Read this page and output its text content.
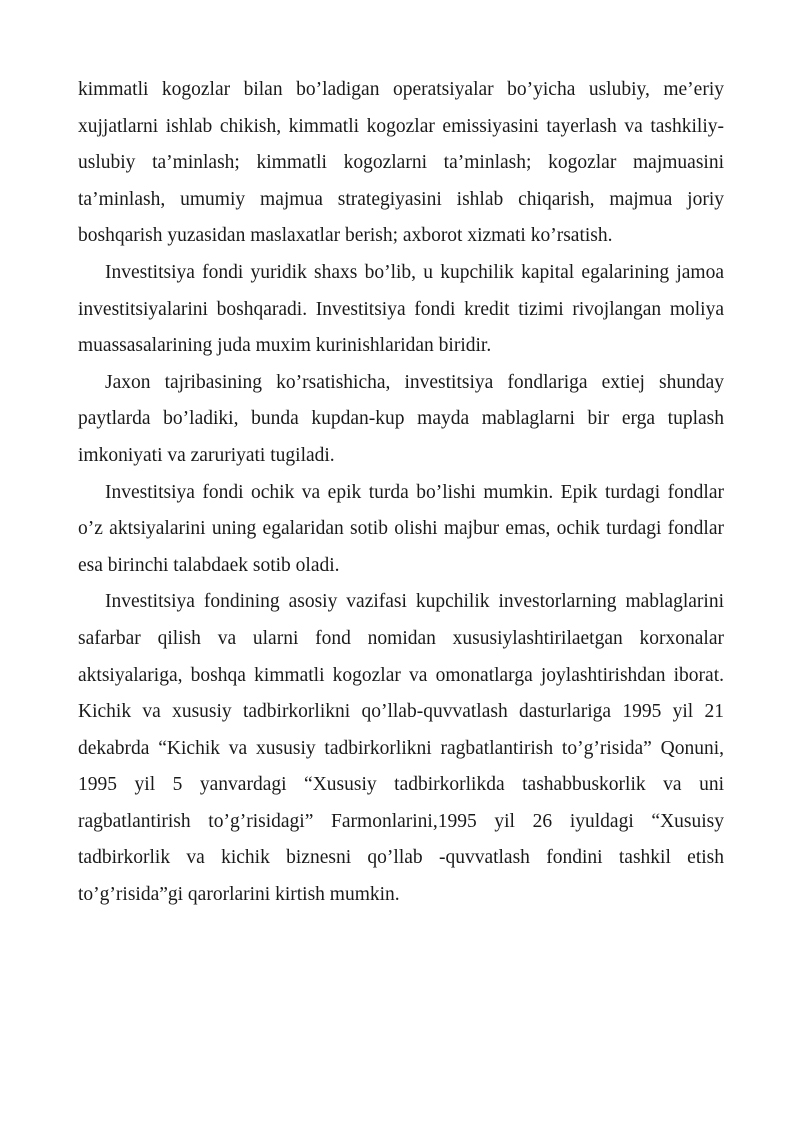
kimmatli kogozlar bilan bo’ladigan operatsiyalar bo’yicha uslubiy, me’eriy xujjatlarni ishlab chikish, kimmatli kogozlar emissiyasini tayerlash va tashkiliy-uslubiy ta’minlash; kimmatli kogozlarni ta’minlash; kogozlar majmuasini ta’minlash, umumiy majmua strategiyasini ishlab chiqarish, majmua joriy boshqarish yuzasidan maslaxatlar berish; axborot xizmati ko’rsatish.

Investitsiya fondi yuridik shaxs bo’lib, u kupchilik kapital egalarining jamoa investitsiyalarini boshqaradi. Investitsiya fondi kredit tizimi rivojlangan moliya muassasalarining juda muxim kurinishlaridan biridir.

Jaxon tajribasining ko’rsatishicha, investitsiya fondlariga extiej shunday paytlarda bo’ladiki, bunda kupdan-kup mayda mablaglarni bir erga tuplash imkoniyati va zaruriyati tugiladi.

Investitsiya fondi ochik va epik turda bo’lishi mumkin. Epik turdagi fondlar o’z aktsiyalarini uning egalaridan sotib olishi majbur emas, ochik turdagi fondlar esa birinchi talabdaek sotib oladi.

Investitsiya fondining asosiy vazifasi kupchilik investorlarning mablaglarini safarbar qilish va ularni fond nomidan xususiylashtirilaetgan korxonalar aktsiyalariga, boshqa kimmatli kogozlar va omonatlarga joylashtirishdan iborat. Kichik va xususiy tadbirkorlikni qo’llab-quvvatlash dasturlariga 1995 yil 21 dekabrda “Kichik va xususiy tadbirkorlikni ragbatlantirish to’g’risida” Qonuni, 1995 yil 5 yanvardagi “Xususiy tadbirkorlikda tashabbuskorlik va uni ragbatlantirish to’g’risidagi” Farmonlarini,1995 yil 26 iyuldagi “Xusuisy tadbirkorlik va kichik biznesni qo’llab -quvvatlash fondini tashkil etish to’g’risida”gi qarorlarini kirtish mumkin.
